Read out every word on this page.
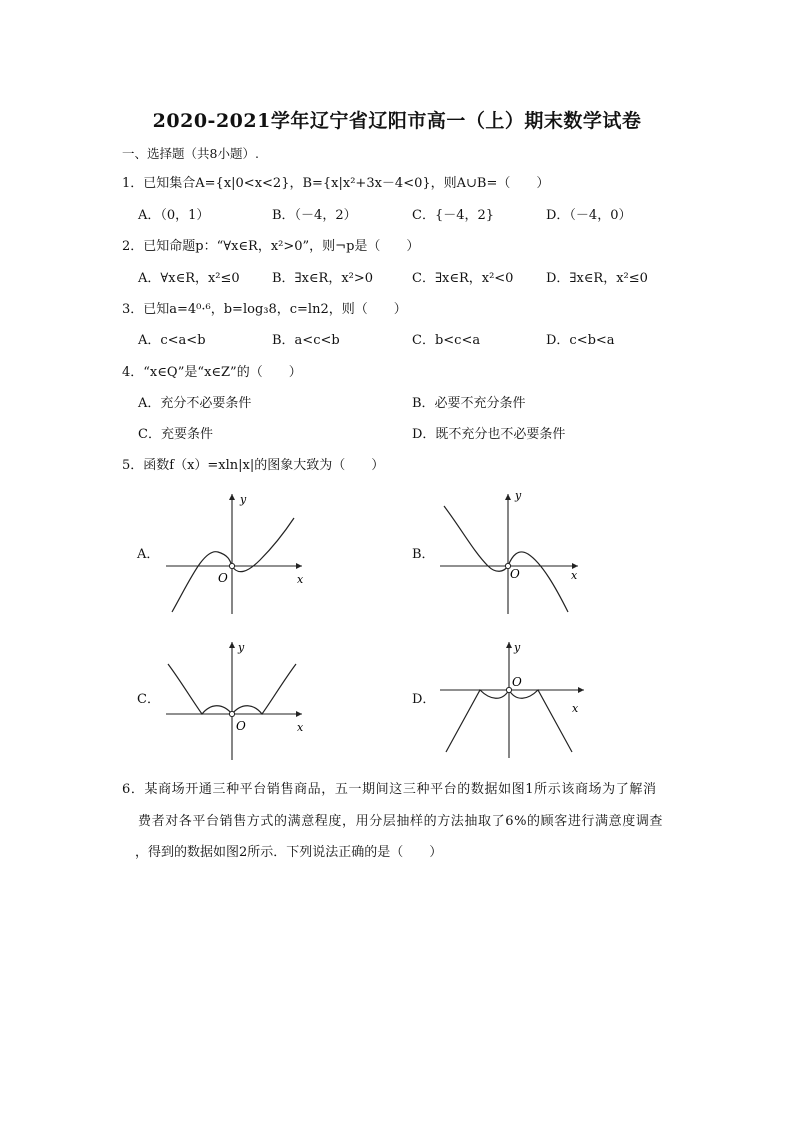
2020-2021学年辽宁省辽阳市高一（上）期末数学试卷
一、选择题（共8小题）.
1．已知集合A={x|0<x<2}，B={x|x²+3x－4<0}，则A∪B=（　　）
A．（0，1）	B．（－4，2）	C．{－4，2}	D．（－4，0）
2．已知命题p：“∀x∈R，x²>0”，则¬p是（　　）
A．∀x∈R，x²≤0 B．∃x∈R，x²>0	C．∃x∈R，x²<0	D．∃x∈R，x²≤0
3．已知a=4⁰·⁶，b=log₃8，c=ln2，则（　　）
A．c<a<b	B．a<c<b	C．b<c<a	D．c<b<a
4．“x∈Q”是“x∈Z”的（　　）
A．充分不必要条件	B．必要不充分条件
C．充要条件	D．既不充分也不必要条件
5．函数f（x）=xln|x|的图象大致为（　　）
A．	B．
C．	D．
y
x
O
y
x
O
y
x
O
y
x
O
6．某商场开通三种平台销售商品，五一期间这三种平台的数据如图1所示该商场为了解消
费者对各平台销售方式的满意程度，用分层抽样的方法抽取了6%的顾客进行满意度调查
，得到的数据如图2所示．下列说法正确的是（　　）
